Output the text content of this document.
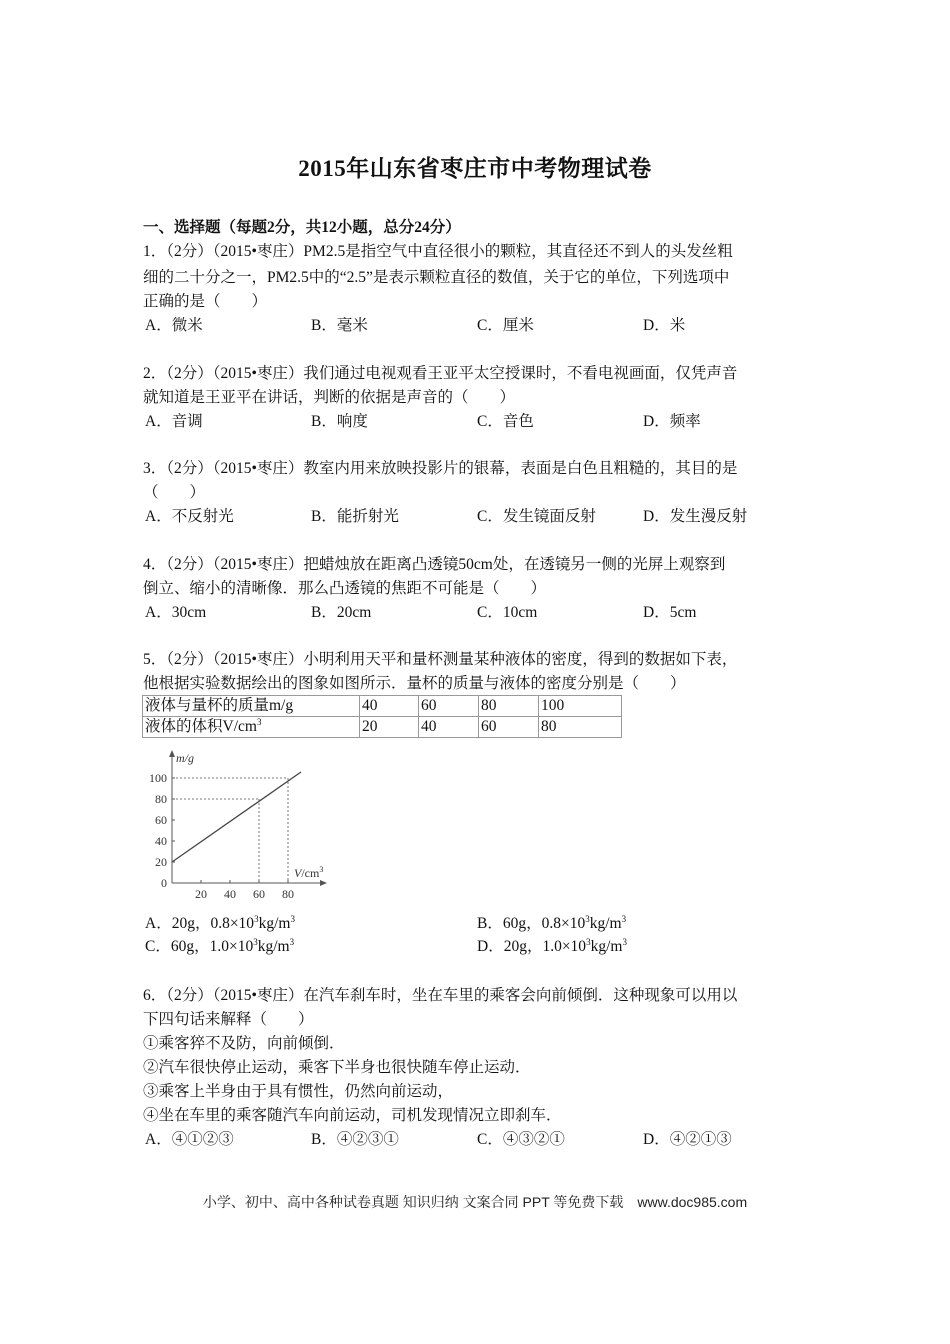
2015年山东省枣庄市中考物理试卷
一、选择题（每题2分，共12小题，总分24分）
1．（2分）（2015•枣庄）PM2.5是指空气中直径很小的颗粒，其直径还不到人的头发丝粗
细的二十分之一，PM2.5中的“2.5”是表示颗粒直径的数值，关于它的单位，下列选项中
正确的是（　　）
A．微米	B．毫米	C．厘米	D．米
2．（2分）（2015•枣庄）我们通过电视观看王亚平太空授课时，不看电视画面，仅凭声音
就知道是王亚平在讲话，判断的依据是声音的（　　）
A．音调	B．响度	C．音色	D．频率
3．（2分）（2015•枣庄）教室内用来放映投影片的银幕，表面是白色且粗糙的，其目的是
（　　）
A．不反射光	B．能折射光	C．发生镜面反射	D．发生漫反射
4．（2分）（2015•枣庄）把蜡烛放在距离凸透镜50cm处，在透镜另一侧的光屏上观察到
倒立、缩小的清晰像．那么凸透镜的焦距不可能是（　　）
A．30cm	B．20cm	C．10cm	D．5cm
5．（2分）（2015•枣庄）小明利用天平和量杯测量某种液体的密度，得到的数据如下表，
他根据实验数据绘出的图象如图所示．量杯的质量与液体的密度分别是（　　）
液体与量杯的质量m/g	40	60	80	100
液体的体积$V/cm^3$	20	40	60	80
0
20
40
60
80
100
20 40 60 80
m/g
$V/cm^3$
A．20g，$0.8\times 10^3kg/m^3$	B．60g，$0.8\times 10^3kg/m^3$
C．60g，$1.0\times 10^3kg/m^3$	D．20g，$1.0\times 10^3kg/m^3$
6．（2分）（2015•枣庄）在汽车刹车时，坐在车里的乘客会向前倾倒．这种现象可以用以
下四句话来解释（　　）
①乘客猝不及防，向前倾倒．
②汽车很快停止运动，乘客下半身也很快随车停止运动．
③乘客上半身由于具有惯性，仍然向前运动，
④坐在车里的乘客随汽车向前运动，司机发现情况立即刹车．
A．④①②③	B．④②③①	C．④③②①	D．④②①③
小学、初中、高中各种试卷真题 知识归纳 文案合同 PPT 等免费下载　www.doc985.com
